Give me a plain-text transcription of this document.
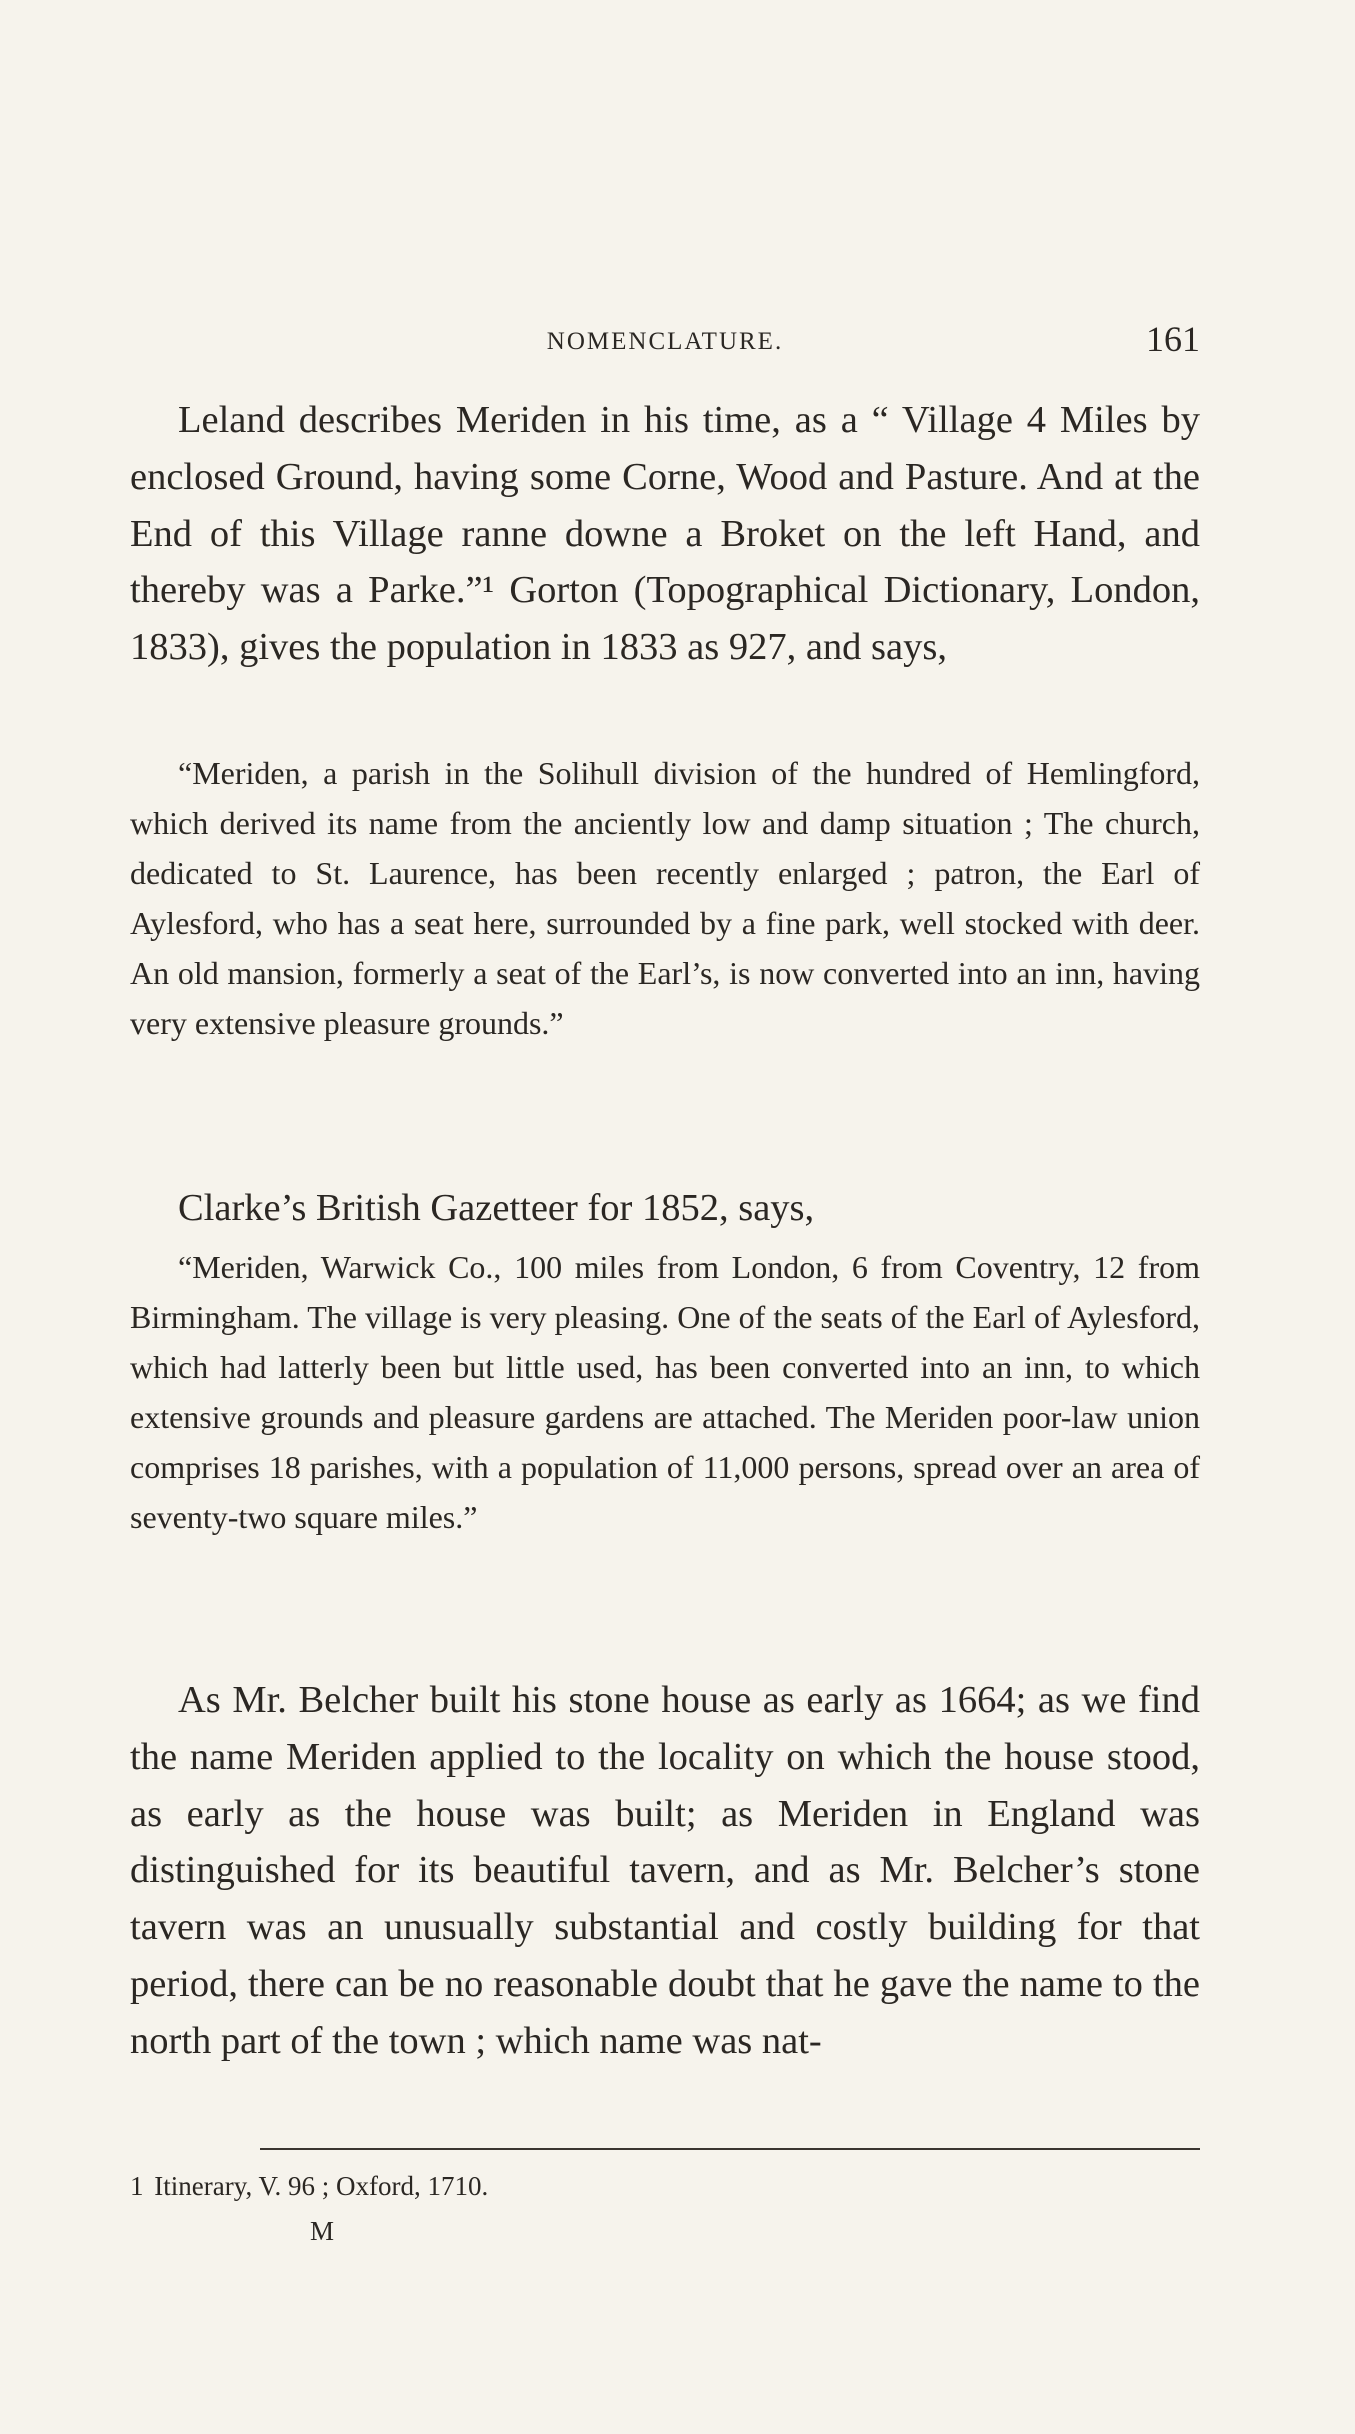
NOMENCLATURE.	161

Leland describes Meriden in his time, as a “ Village 4 Miles by enclosed Ground, having some Corne, Wood and Pasture. And at the End of this Village ranne downe a Broket on the left Hand, and thereby was a Parke.”¹ Gorton (Topographical Dictionary, London, 1833), gives the population in 1833 as 927, and says,

“Meriden, a parish in the Solihull division of the hundred of Hemlingford, which derived its name from the anciently low and damp situation ; The church, dedicated to St. Laurence, has been recently enlarged ; patron, the Earl of Aylesford, who has a seat here, surrounded by a fine park, well stocked with deer. An old mansion, formerly a seat of the Earl’s, is now converted into an inn, having very extensive pleasure grounds.”

Clarke’s British Gazetteer for 1852, says,

“Meriden, Warwick Co., 100 miles from London, 6 from Coventry, 12 from Birmingham. The village is very pleasing. One of the seats of the Earl of Aylesford, which had latterly been but little used, has been converted into an inn, to which extensive grounds and pleasure gardens are attached. The Meriden poor-law union comprises 18 parishes, with a population of 11,000 persons, spread over an area of seventy-two square miles.”

As Mr. Belcher built his stone house as early as 1664; as we find the name Meriden applied to the locality on which the house stood, as early as the house was built; as Meriden in England was distinguished for its beautiful tavern, and as Mr. Belcher’s stone tavern was an unusually substantial and costly building for that period, there can be no reasonable doubt that he gave the name to the north part of the town ; which name was nat-

1 Itinerary, V. 96 ; Oxford, 1710.
M
